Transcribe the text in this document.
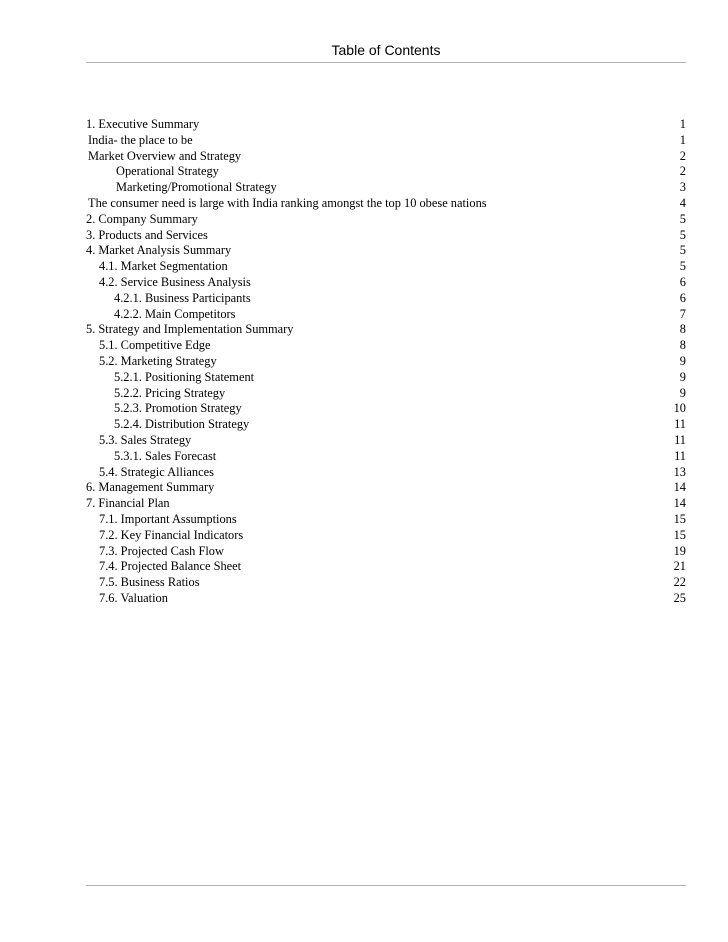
Table of Contents
1. Executive Summary	1
India- the place to be	1
Market Overview and Strategy	2
Operational Strategy	2
Marketing/Promotional Strategy	3
The consumer need is large with India ranking amongst the top 10 obese nations	4
2. Company Summary	5
3. Products and Services	5
4. Market Analysis Summary	5
4.1. Market Segmentation	5
4.2. Service Business Analysis	6
4.2.1. Business Participants	6
4.2.2. Main Competitors	7
5. Strategy and Implementation Summary	8
5.1. Competitive Edge	8
5.2. Marketing Strategy	9
5.2.1. Positioning Statement	9
5.2.2. Pricing Strategy	9
5.2.3. Promotion Strategy	10
5.2.4. Distribution Strategy	11
5.3. Sales Strategy	11
5.3.1. Sales Forecast	11
5.4. Strategic Alliances	13
6. Management Summary	14
7. Financial Plan	14
7.1. Important Assumptions	15
7.2. Key Financial Indicators	15
7.3. Projected Cash Flow	19
7.4. Projected Balance Sheet	21
7.5. Business Ratios	22
7.6. Valuation	25
